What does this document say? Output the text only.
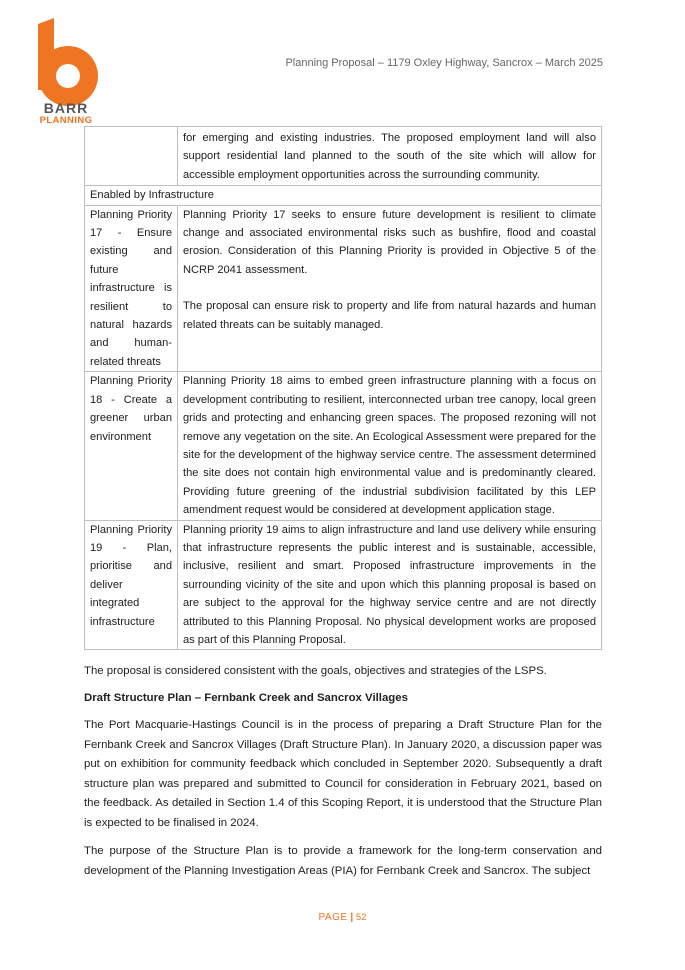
BARR
PLANNING
Planning Proposal – 1179 Oxley Highway, Sancrox – March 2025
	for emerging and existing industries. The proposed employment land will also support residential land planned to the south of the site which will allow for accessible employment opportunities across the surrounding community.
Enabled by Infrastructure	
Planning Priority 17 - Ensure existing and future infrastructure is resilient to natural hazards and human-related threats	Planning Priority 17 seeks to ensure future development is resilient to climate change and associated environmental risks such as bushfire, flood and coastal erosion. Consideration of this Planning Priority is provided in Objective 5 of the NCRP 2041 assessment.
The proposal can ensure risk to property and life from natural hazards and human related threats can be suitably managed.

Planning Priority 18 - Create a greener urban environment	Planning Priority 18 aims to embed green infrastructure planning with a focus on development contributing to resilient, interconnected urban tree canopy, local green grids and protecting and enhancing green spaces. The proposed rezoning will not remove any vegetation on the site. An Ecological Assessment were prepared for the site for the development of the highway service centre. The assessment determined the site does not contain high environmental value and is predominantly cleared. Providing future greening of the industrial subdivision facilitated by this LEP amendment request would be considered at development application stage.

Planning Priority 19 - Plan, prioritise and deliver integrated infrastructure	Planning priority 19 aims to align infrastructure and land use delivery while ensuring that infrastructure represents the public interest and is sustainable, accessible, inclusive, resilient and smart. Proposed infrastructure improvements in the surrounding vicinity of the site and upon which this planning proposal is based on are subject to the approval for the highway service centre and are not directly attributed to this Planning Proposal. No physical development works are proposed as part of this Planning Proposal.
The proposal is considered consistent with the goals, objectives and strategies of the LSPS.
Draft Structure Plan – Fernbank Creek and Sancrox Villages
The Port Macquarie-Hastings Council is in the process of preparing a Draft Structure Plan for the Fernbank Creek and Sancrox Villages (Draft Structure Plan). In January 2020, a discussion paper was put on exhibition for community feedback which concluded in September 2020. Subsequently a draft structure plan was prepared and submitted to Council for consideration in February 2021, based on the feedback. As detailed in Section 1.4 of this Scoping Report, it is understood that the Structure Plan is expected to be finalised in 2024.
The purpose of the Structure Plan is to provide a framework for the long-term conservation and development of the Planning Investigation Areas (PIA) for Fernbank Creek and Sancrox. The subject
PAGE | 52
